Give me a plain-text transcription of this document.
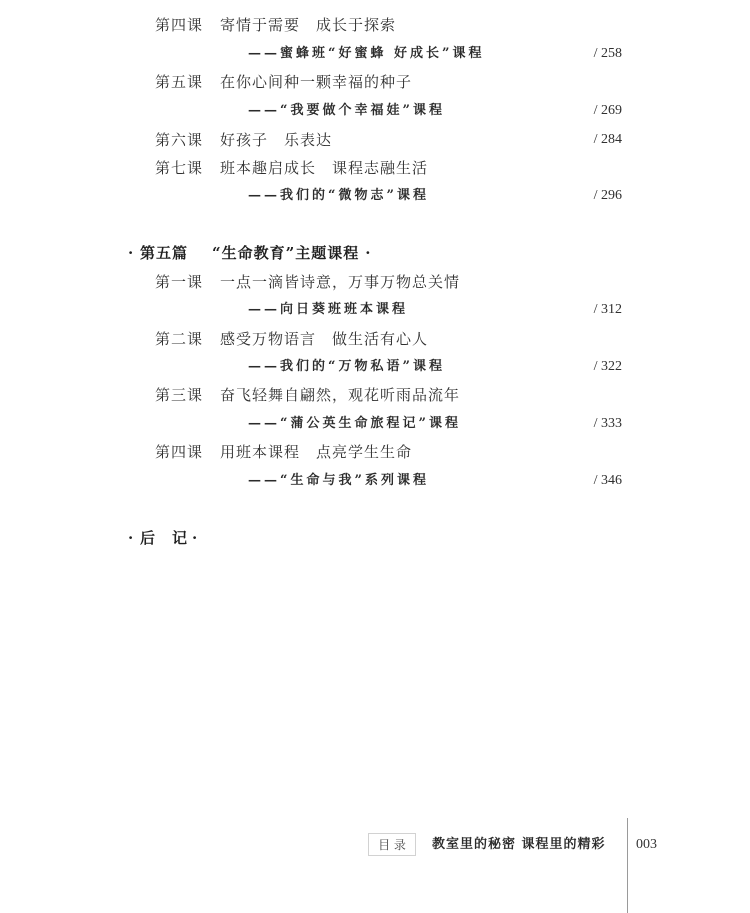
第四课	寄情于需要　成长于探索
——蜜蜂班“好蜜蜂 好成长”课程	/ 258
第五课	在你心间种一颗幸福的种子
——“我要做个幸福娃”课程	/ 269
第六课	好孩子　乐表达	/ 284
第七课	班本趣启成长　课程志融生活
——我们的“微物志”课程	/ 296
· 第五篇 “生命教育”主题课程 ·
第一课	一点一滴皆诗意，万事万物总关情
——向日葵班班本课程	/ 312
第二课	感受万物语言　做生活有心人
——我们的“万物私语”课程	/ 322
第三课	奋飞轻舞自翩然，观花听雨品流年
——“蒲公英生命旅程记”课程	/ 333
第四课	用班本课程　点亮学生生命
——“生命与我”系列课程	/ 346
· 后　记 ·
目 录	教室里的秘密 课程里的精彩 003
